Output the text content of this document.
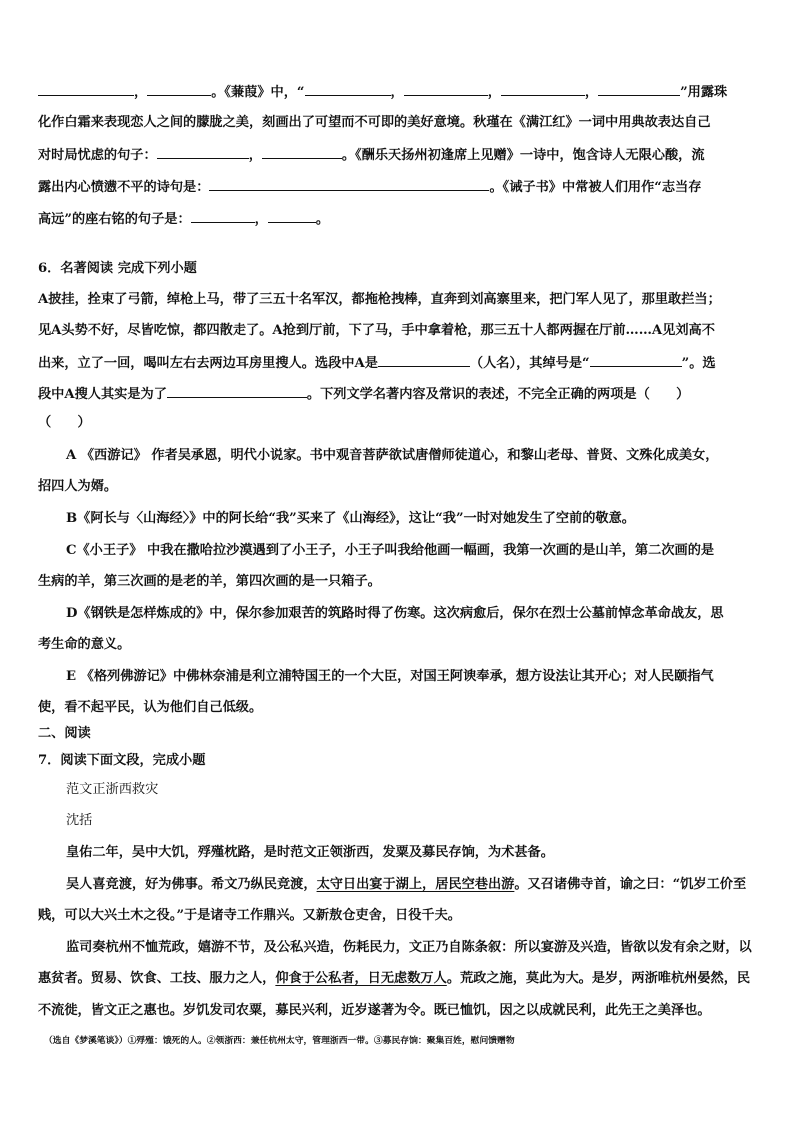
，	。《蒹葭》中，“	，	，	，	”用露珠
化作白霜来表现恋人之间的朦胧之美，刻画出了可望而不可即的美好意境。秋瑾在《满江红》一词中用典故表达自己
对时局忧虑的句子：	，	。《酬乐天扬州初逢席上见赠》一诗中，饱含诗人无限心酸，流
露出内心愤懑不平的诗句是：	。《诫子书》中常被人们用作“志当存
高远”的座右铭的句子是：	，	。
6．名著阅读 完成下列小题
A披挂，拴束了弓箭，绰枪上马，带了三五十名军汉，都拖枪拽棒，直奔到刘高寨里来，把门军人见了，那里敢拦当；
见A头势不好，尽皆吃惊，都四散走了。A抢到厅前，下了马，手中拿着枪，那三五十人都两握在厅前……A见刘高不
出来，立了一回，喝叫左右去两边耳房里搜人。选段中A是	（人名），其绰号是“	”。选
段中A搜人其实是为了	。下列文学名著内容及常识的表述，不完全正确的两项是（　　）
（　　）
A 《西游记》 作者吴承恩，明代小说家。书中观音菩萨欲试唐僧师徒道心，和黎山老母、普贤、文殊化成美女，
招四人为婿。
B《阿长与〈山海经〉》中的阿长给“我”买来了《山海经》，这让“我”一时对她发生了空前的敬意。
C《小王子》 中我在撒哈拉沙漠遇到了小王子，小王子叫我给他画一幅画，我第一次画的是山羊，第二次画的是
生病的羊，第三次画的是老的羊，第四次画的是一只箱子。
D《钢铁是怎样炼成的》中，保尔参加艰苦的筑路时得了伤寒。这次病愈后，保尔在烈士公墓前悼念革命战友，思
考生命的意义。
E 《格列佛游记》中佛林奈浦是利立浦特国王的一个大臣，对国王阿谀奉承，想方设法让其开心；对人民颐指气
使，看不起平民，认为他们自己低级。
二、阅读
7．阅读下面文段，完成小题
范文正浙西救灾
沈括
皇佑二年，吴中大饥，殍殣枕路，是时范文正领浙西，发粟及募民存饷，为术甚备。
吴人喜竞渡，好为佛事。希文乃纵民竞渡，太守日出宴于湖上，居民空巷出游。又召诸佛寺首，谕之曰：“饥岁工价至
贱，可以大兴土木之役。”于是诸寺工作鼎兴。又新敖仓吏舍，日役千夫。
监司奏杭州不恤荒政，嬉游不节，及公私兴造，伤耗民力，文正乃自陈条叙：所以宴游及兴造，皆欲以发有余之财，以
惠贫者。贸易、饮食、工技、服力之人，仰食于公私者，日无虑数万人。荒政之施，莫此为大。是岁，两浙唯杭州晏然，民
不流徙，皆文正之惠也。岁饥发司农粟，募民兴利，近岁遂著为令。既已恤饥，因之以成就民利，此先王之美泽也。
（选自《梦溪笔谈》）①殍殣：饿死的人。②领浙西：兼任杭州太守，管理浙西一带。③募民存饷：聚集百姓，慰问馈赠物
